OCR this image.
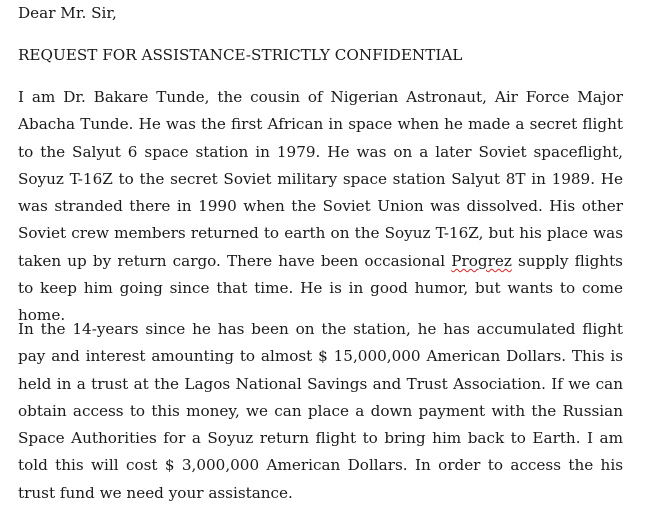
Dear Mr. Sir,

REQUEST FOR ASSISTANCE-STRICTLY CONFIDENTIAL

I am Dr. Bakare Tunde, the cousin of Nigerian Astronaut, Air Force Major Abacha Tunde. He was the first African in space when he made a secret flight to the Salyut 6 space station in 1979. He was on a later Soviet spaceflight, Soyuz T-16Z to the secret Soviet military space station Salyut 8T in 1989. He was stranded there in 1990 when the Soviet Union was dissolved. His other Soviet crew members returned to earth on the Soyuz T-16Z, but his place was taken up by return cargo. There have been occasional Progrez supply flights to keep him going since that time. He is in good humor, but wants to come home.

In the 14-years since he has been on the station, he has accumulated flight pay and interest amounting to almost $ 15,000,000 American Dollars. This is held in a trust at the Lagos National Savings and Trust Association. If we can obtain access to this money, we can place a down payment with the Russian Space Authorities for a Soyuz return flight to bring him back to Earth. I am told this will cost $ 3,000,000 American Dollars. In order to access the his trust fund we need your assistance.
